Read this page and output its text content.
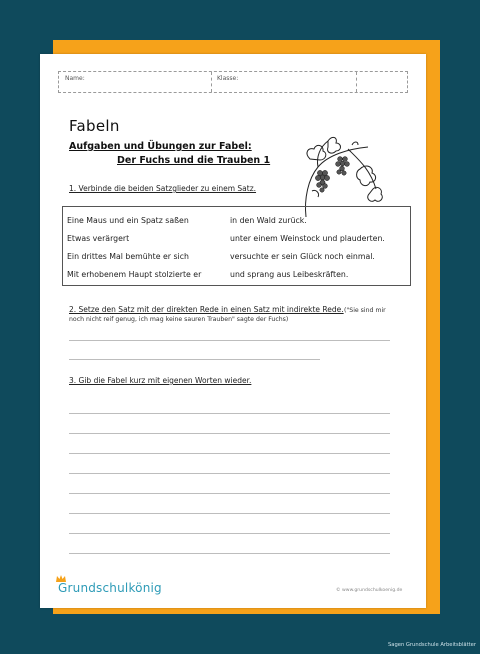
Name:	Klasse:
Fabeln
Aufgaben und Übungen zur Fabel:
Der Fuchs und die Trauben 1
1. Verbinde die beiden Satzglieder zu einem Satz.
Eine Maus und ein Spatz saßen
Etwas verärgert
Ein drittes Mal bemühte er sich
Mit erhobenem Haupt stolzierte er
in den Wald zurück.
unter einem Weinstock und plauderten.
versuchte er sein Glück noch einmal.
und sprang aus Leibeskräften.
2. Setze den Satz mit der direkten Rede in einen Satz mit indirekte Rede. ("Sie sind mir
noch nicht reif genug, ich mag keine sauren Trauben" sagte der Fuchs)
3. Gib die Fabel kurz mit eigenen Worten wieder.
Grundschulkönig	© www.grundschulkoenig.de
Sagen Grundschule Arbeitsblätter
